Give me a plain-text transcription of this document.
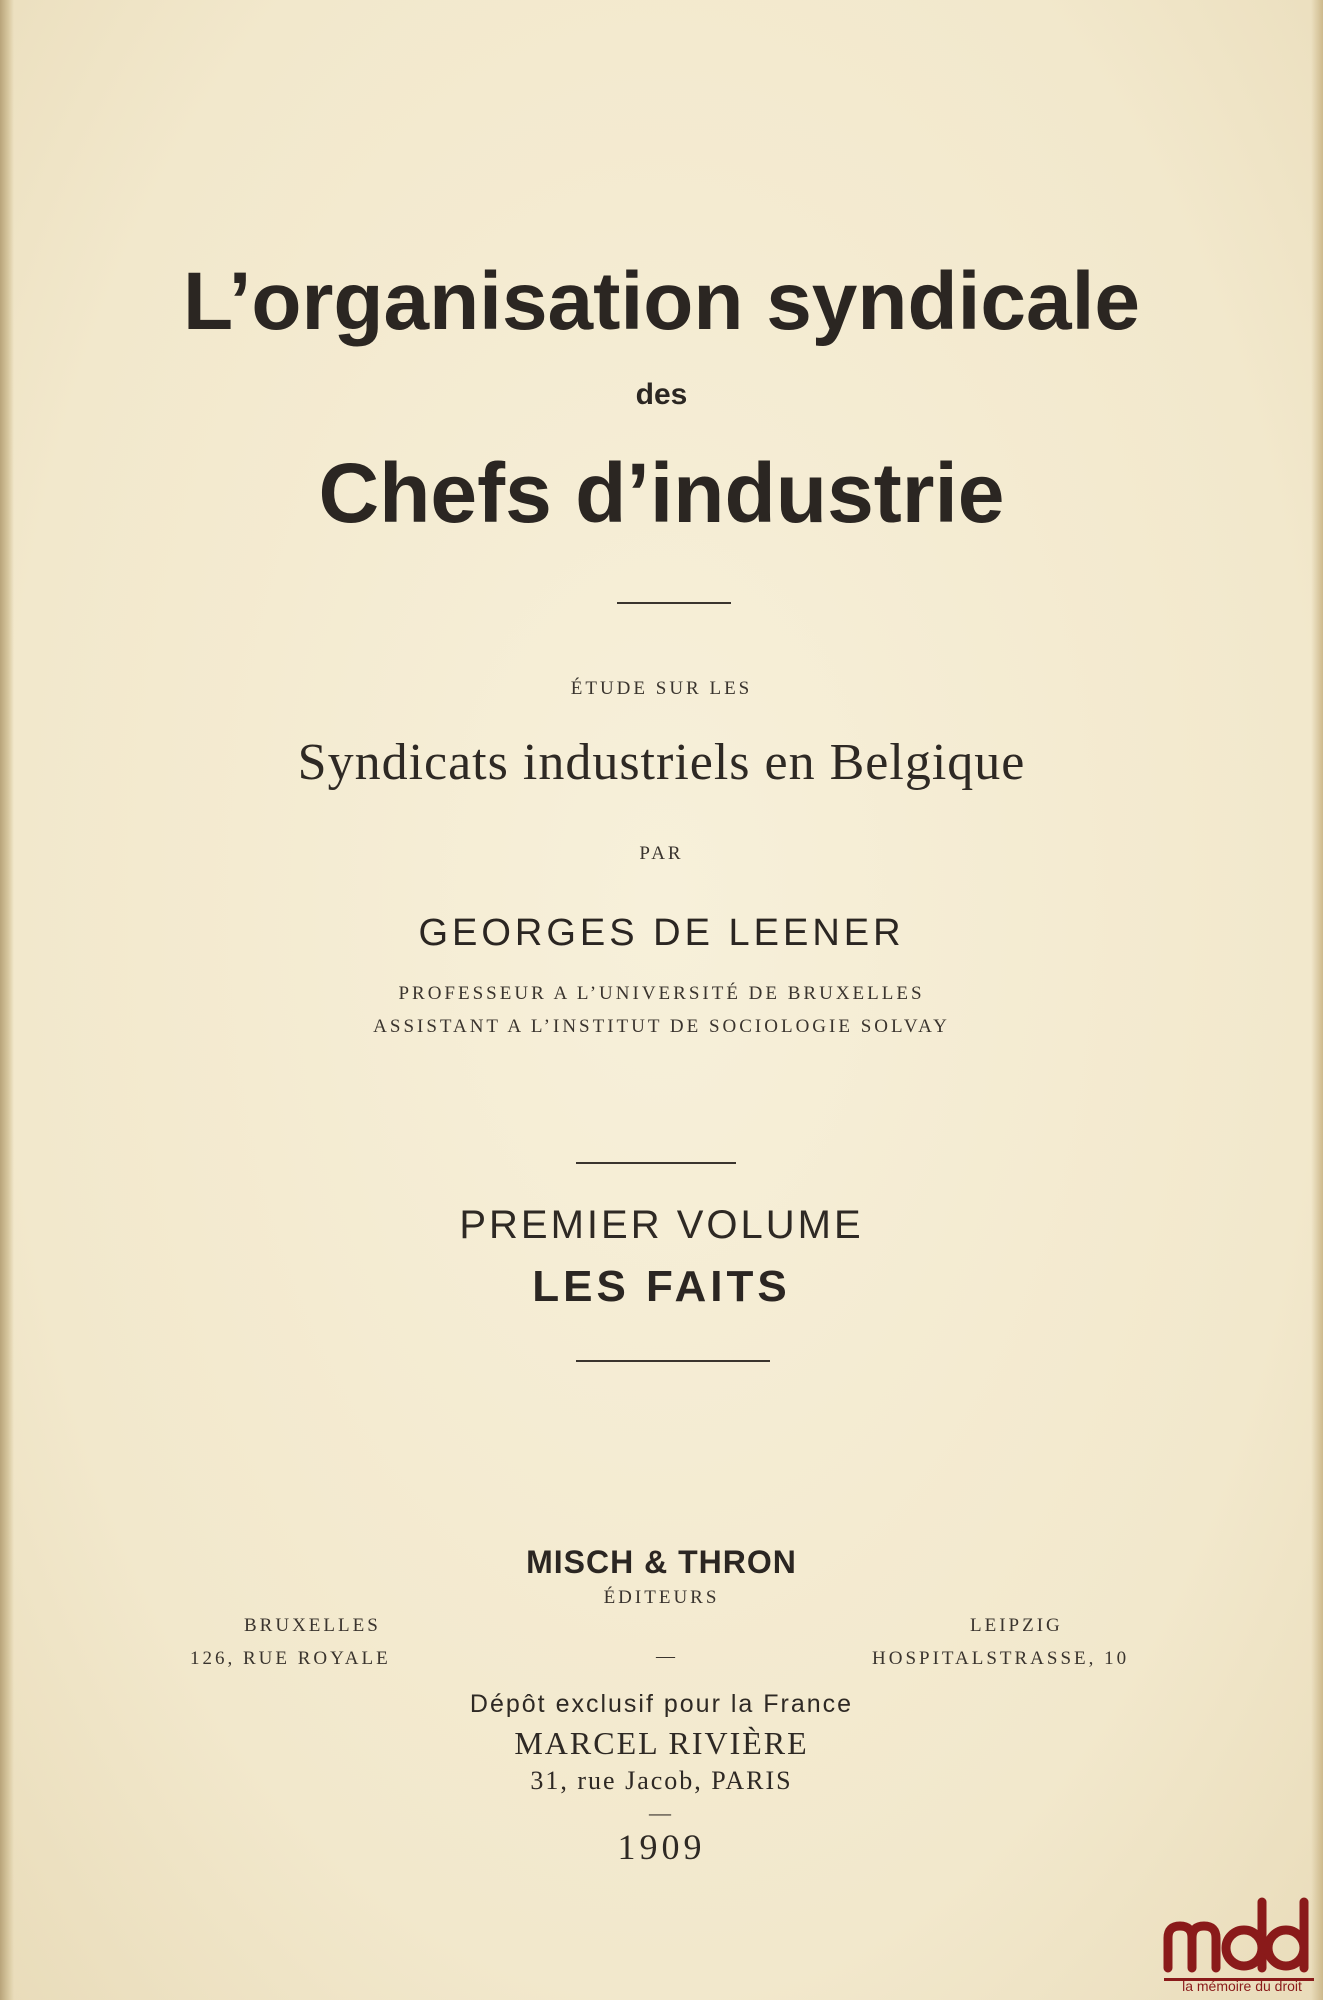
L’organisation syndicale
des
Chefs d’industrie
ÉTUDE SUR LES
Syndicats industriels en Belgique
PAR
GEORGES DE LEENER
PROFESSEUR A L’UNIVERSITÉ DE BRUXELLES
ASSISTANT A L’INSTITUT DE SOCIOLOGIE SOLVAY
PREMIER VOLUME
LES FAITS
MISCH & THRON
ÉDITEURS
BRUXELLES
126, RUE ROYALE	—
LEIPZIG
HOSPITALSTRASSE, 10
Dépôt exclusif pour la France
MARCEL RIVIÈRE
31, rue Jacob, PARIS
—
1909
la mémoire du droit
